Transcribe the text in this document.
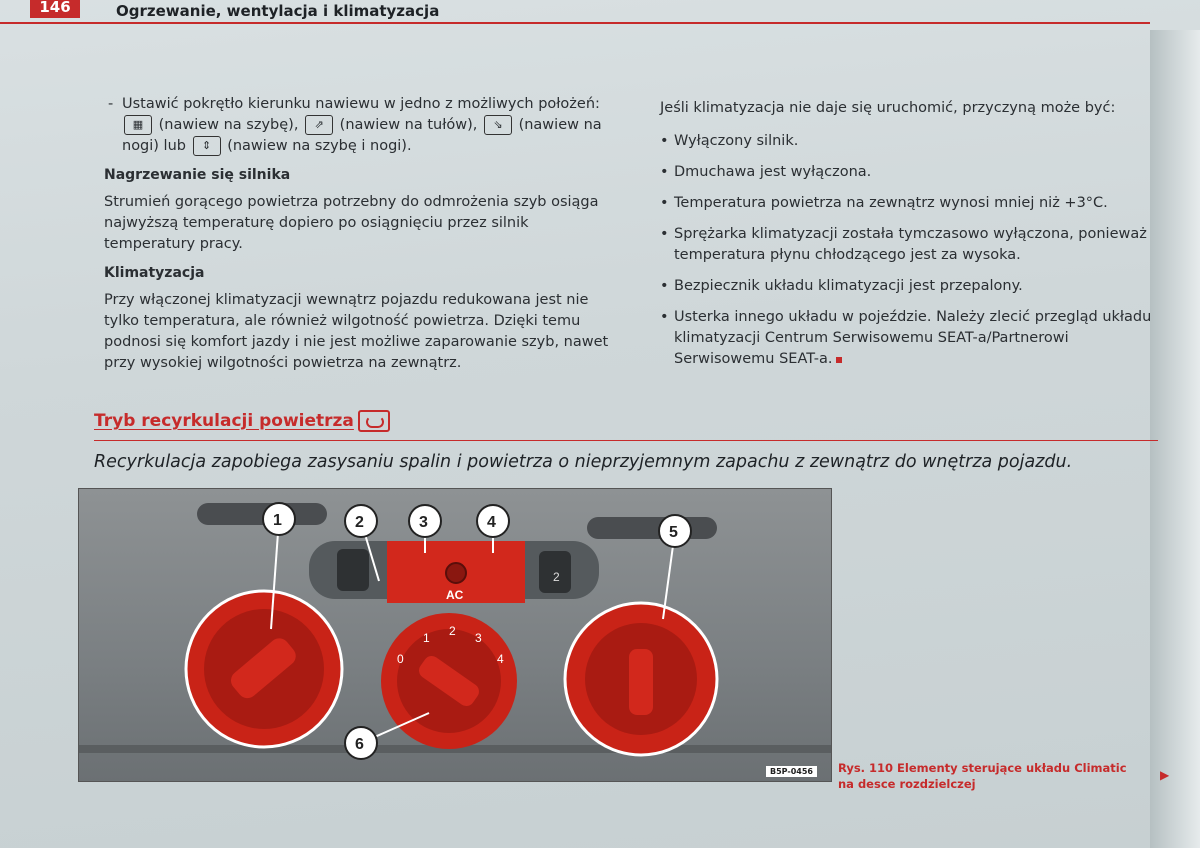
146	Ogrzewanie, wentylacja i klimatyzacja

- Ustawić pokrętło kierunku nawiewu w jedno z możliwych położeń: ▦ (nawiew na szybę), ⇗ (nawiew na tułów), ⇘ (nawiew na nogi) lub ⇕ (nawiew na szybę i nogi).

Nagrzewanie się silnika

Strumień gorącego powietrza potrzebny do odmrożenia szyb osiąga najwyższą temperaturę dopiero po osiągnięciu przez silnik temperatury pracy.

Klimatyzacja

Przy włączonej klimatyzacji wewnątrz pojazdu redukowana jest nie tylko temperatura, ale również wilgotność powietrza. Dzięki temu podnosi się komfort jazdy i nie jest możliwe zaparowanie szyb, nawet przy wysokiej wilgotności powietrza na zewnątrz.

Jeśli klimatyzacja nie daje się uruchomić, przyczyną może być:

• Wyłączony silnik.
• Dmuchawa jest wyłączona.
• Temperatura powietrza na zewnątrz wynosi mniej niż +3°C.
• Sprężarka klimatyzacji została tymczasowo wyłączona, ponieważ temperatura płynu chłodzącego jest za wysoka.
• Bezpiecznik układu klimatyzacji jest przepalony.
• Usterka innego układu w pojeździe. Należy zlecić przegląd układu klimatyzacji Centrum Serwisowemu SEAT-a/Partnerowi Serwisowemu SEAT-a.
Tryb recyrkulacji powietrza
Recyrkulacja zapobiega zasysaniu spalin i powietrza o nieprzyjemnym zapachu z zewnątrz do wnętrza pojazdu.
2
AC
0
1 2 3
4
1	2	3	4
5
6
B5P-0456	Rys. 110 Elementy sterujące układu Climatic na desce rozdzielczej
▶
